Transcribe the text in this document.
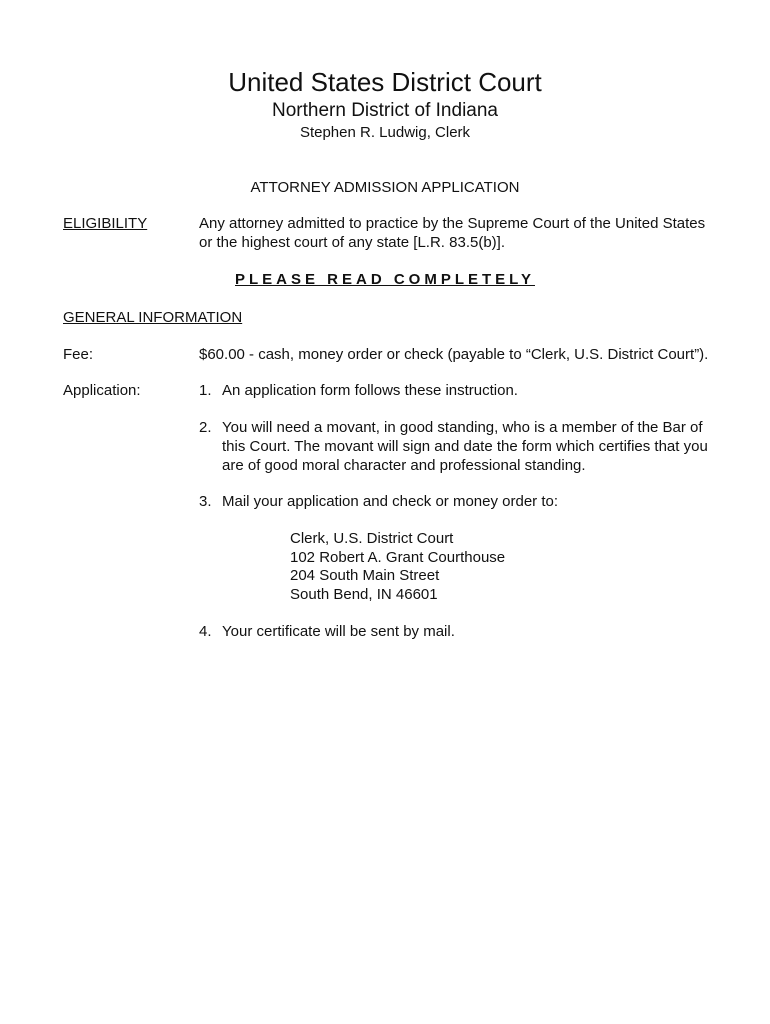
United States District Court
Northern District of Indiana
Stephen R. Ludwig, Clerk
ATTORNEY ADMISSION APPLICATION
ELIGIBILITY	Any attorney admitted to practice by the Supreme Court of the United States
or the highest court of any state [L.R. 83.5(b)].
PLEASE READ COMPLETELY
GENERAL INFORMATION
Fee:	$60.00 - cash, money order or check (payable to “Clerk, U.S. District Court”).
Application:	1. An application form follows these instruction.
2. You will need a movant, in good standing, who is a member of the Bar of
this Court. The movant will sign and date the form which certifies that you
are of good moral character and professional standing.
3. Mail your application and check or money order to:
Clerk, U.S. District Court
102 Robert A. Grant Courthouse
204 South Main Street
South Bend, IN 46601
4. Your certificate will be sent by mail.
